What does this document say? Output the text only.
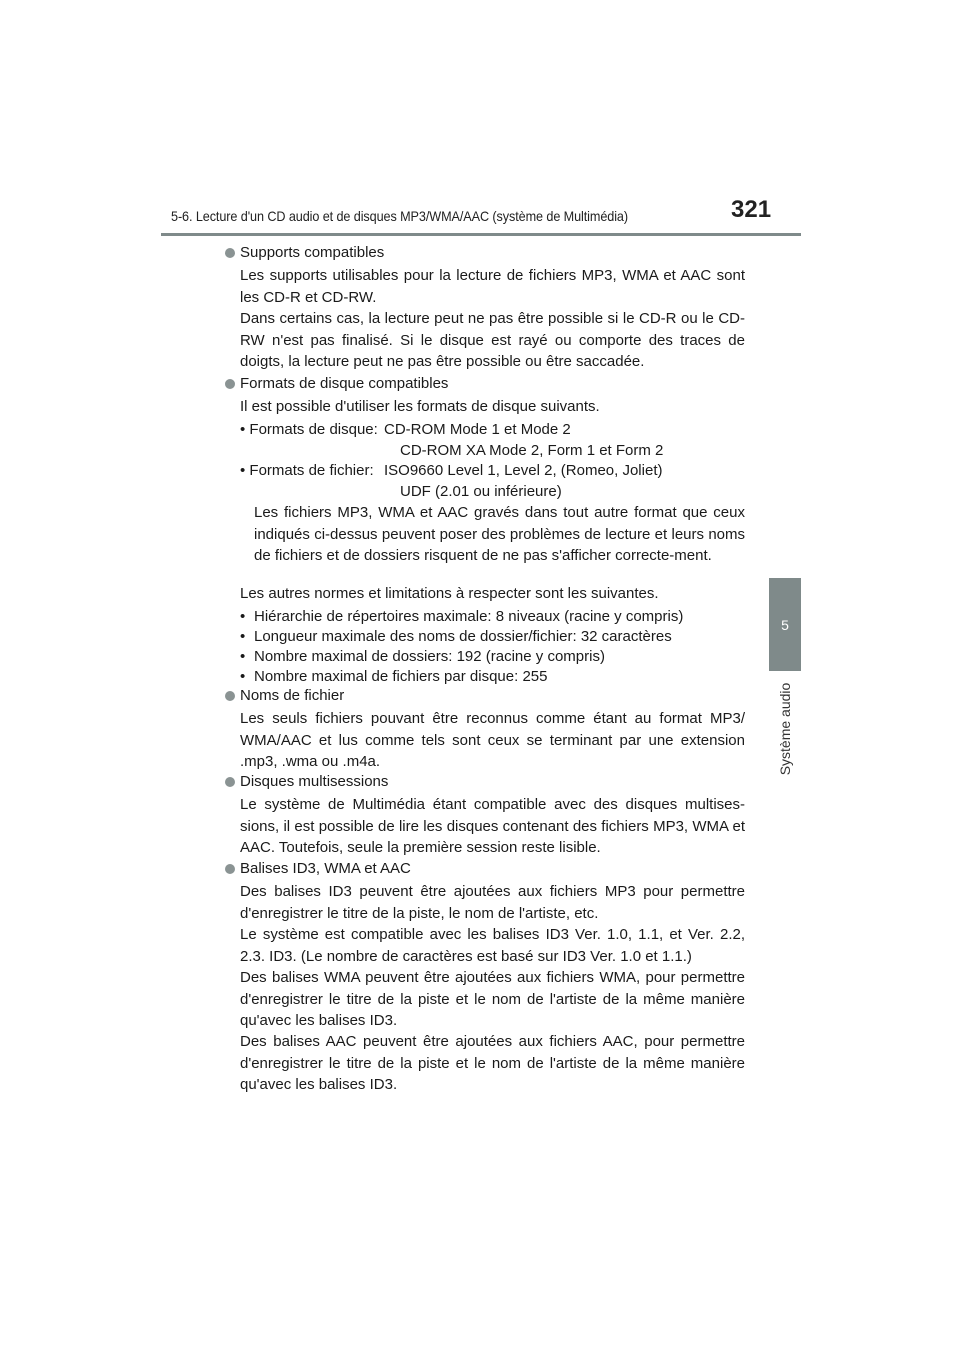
5-6. Lecture d'un CD audio et de disques MP3/WMA/AAC (système de Multimédia)	321
5
Système audio
Supports compatibles
Les supports utilisables pour la lecture de fichiers MP3, WMA et AAC sont les CD-R et CD-RW.
Dans certains cas, la lecture peut ne pas être possible si le CD-R ou le CD-RW n'est pas finalisé. Si le disque est rayé ou comporte des traces de doigts, la lecture peut ne pas être possible ou être saccadée.
Formats de disque compatibles
Il est possible d'utiliser les formats de disque suivants.
• Formats de disque: CD-ROM Mode 1 et Mode 2
CD-ROM XA Mode 2, Form 1 et Form 2
• Formats de fichier: ISO9660 Level 1, Level 2, (Romeo, Joliet)
UDF (2.01 ou inférieure)
Les fichiers MP3, WMA et AAC gravés dans tout autre format que ceux indiqués ci-dessus peuvent poser des problèmes de lecture et leurs noms de fichiers et de dossiers risquent de ne pas s'afficher correcte-ment.
Les autres normes et limitations à respecter sont les suivantes.
• Hiérarchie de répertoires maximale: 8 niveaux (racine y compris)
• Longueur maximale des noms de dossier/fichier: 32 caractères
• Nombre maximal de dossiers: 192 (racine y compris)
• Nombre maximal de fichiers par disque: 255
Noms de fichier
Les seuls fichiers pouvant être reconnus comme étant au format MP3/ WMA/AAC et lus comme tels sont ceux se terminant par une extension .mp3, .wma ou .m4a.
Disques multisessions
Le système de Multimédia étant compatible avec des disques multises-sions, il est possible de lire les disques contenant des fichiers MP3, WMA et AAC. Toutefois, seule la première session reste lisible.
Balises ID3, WMA et AAC
Des balises ID3 peuvent être ajoutées aux fichiers MP3 pour permettre d'enregistrer le titre de la piste, le nom de l'artiste, etc.
Le système est compatible avec les balises ID3 Ver. 1.0, 1.1, et Ver. 2.2, 2.3. ID3. (Le nombre de caractères est basé sur ID3 Ver. 1.0 et 1.1.)
Des balises WMA peuvent être ajoutées aux fichiers WMA, pour permettre d'enregistrer le titre de la piste et le nom de l'artiste de la même manière qu'avec les balises ID3.
Des balises AAC peuvent être ajoutées aux fichiers AAC, pour permettre d'enregistrer le titre de la piste et le nom de l'artiste de la même manière qu'avec les balises ID3.
